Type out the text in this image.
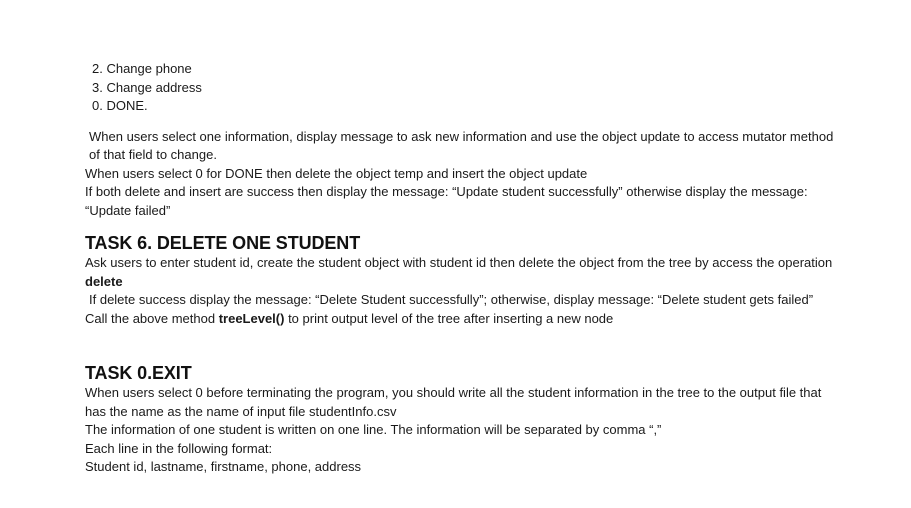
2. Change phone
3. Change address
0. DONE.

When users select one information, display message to ask new information and use the object update to access mutator method of that field to change.

When users select 0 for DONE then delete the object temp and insert the object update

If both delete and insert are success then display the message: “Update student successfully” otherwise display the message: “Update failed”

TASK 6. DELETE ONE STUDENT

Ask users to enter student id, create the student object with student id then delete the object from the tree by access the operation delete

If delete success display the message: “Delete Student successfully”; otherwise, display message: “Delete student gets failed”

Call the above method treeLevel() to print output level of the tree after inserting a new node

TASK 0.EXIT

When users select 0 before terminating the program, you should write all the student information in the tree to the output file that has the name as the name of input file studentInfo.csv

The information of one student is written on one line. The information will be separated by comma “,”

Each line in the following format:

Student id, lastname, firstname, phone, address
